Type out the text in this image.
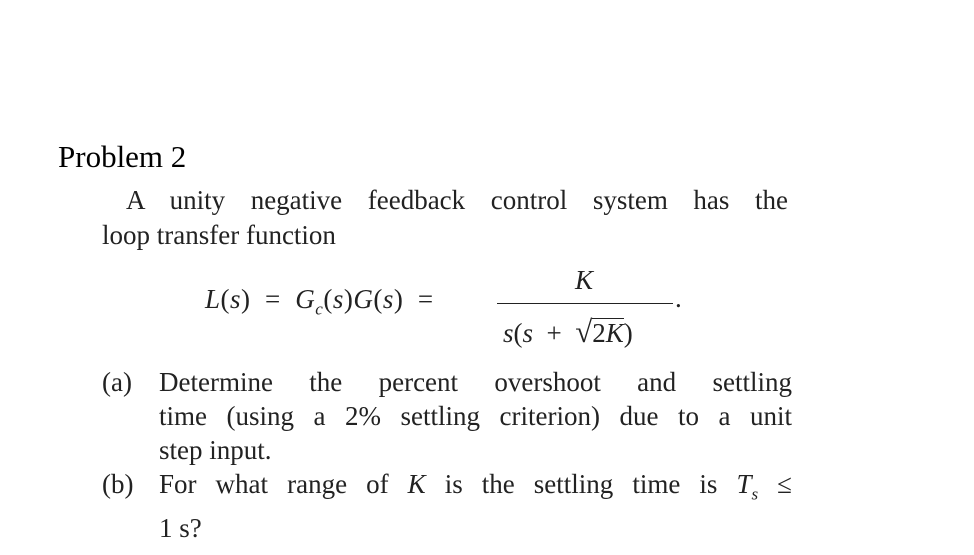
Problem 2
A unity negative feedback control system has the
loop transfer function
$L(s) = G_c(s)G(s)$  =
K
s(s  +  √2K)
.
(a) Determine the percent overshoot and settling
time (using a 2% settling criterion) due to a unit
step input.
(b) For what range of K is the settling time is $T_s$ ≤
1 s?
